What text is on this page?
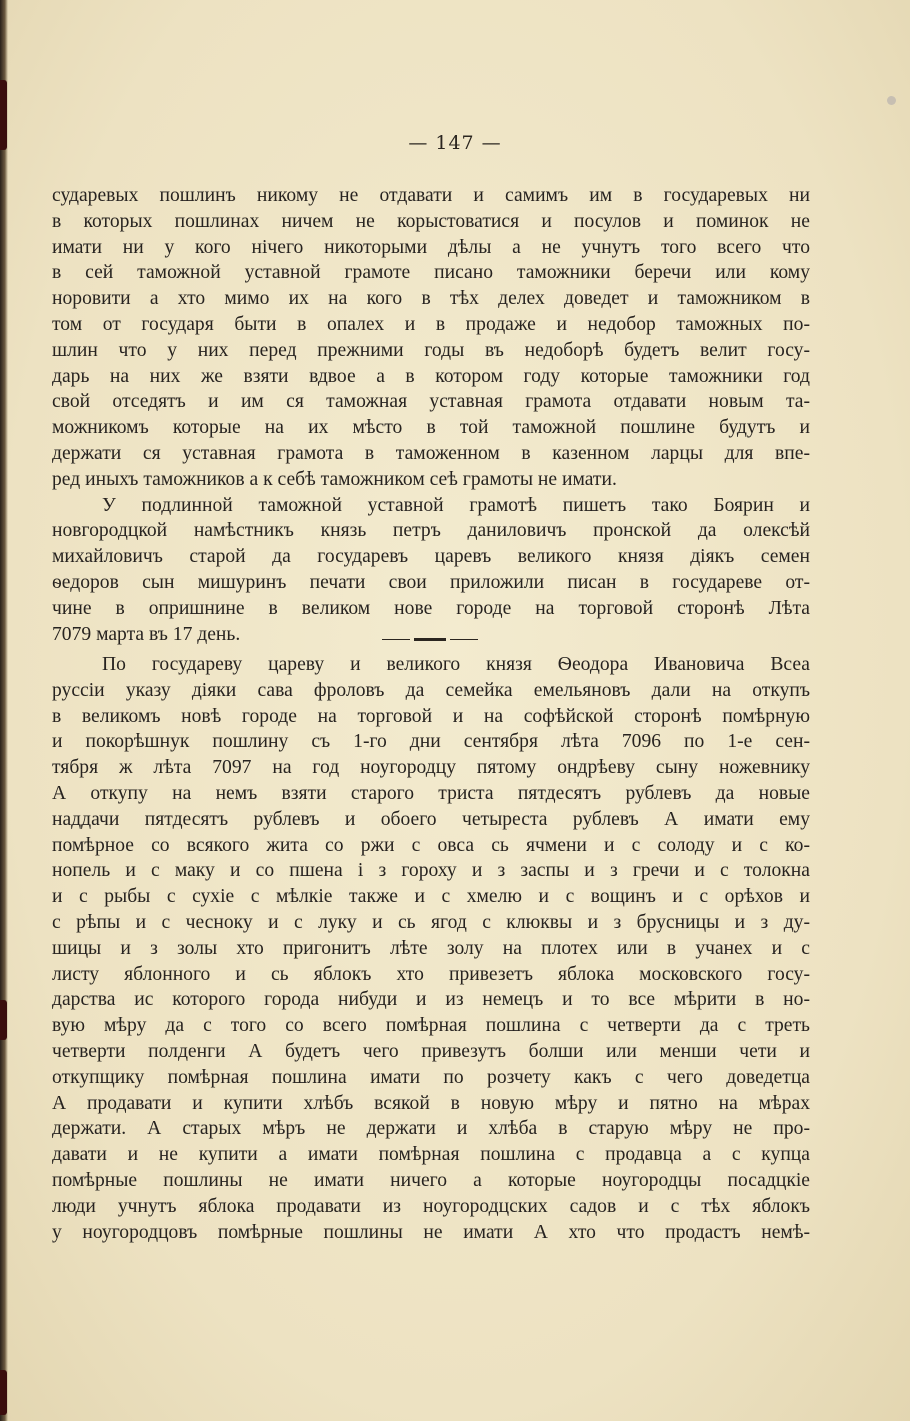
— 147 —
сударевых пошлинъ никому не отдавати и самимъ им в государевых ни
в которых пошлинах ничем не корыстоватися и посулов и поминок не
имати ни у кого нiчего никоторыми дѣлы а не учнутъ того всего что
в сей таможной уставной грамоте писано таможники беречи или кому
норовити а хто мимо их на кого в тѣх делех доведет и таможником в
том от государя быти в опалех и в продаже и недобор таможных по-
шлин что у них перед прежними годы въ недоборѣ будетъ велит госу-
дарь на них же взяти вдвое а в котором году которые таможники год
свой отседятъ и им ся таможная уставная грамота отдавати новым та-
можникомъ которые на их мѣсто в той таможной пошлине будутъ и
держати ся уставная грамота в таможенном в казенном ларцы для впе-
ред иныхъ таможников а к себѣ таможником сеѣ грамоты не имати.
У подлинной таможной уставной грамотѣ пишетъ тако Боярин и
новгородцкой намѣстникъ князь петръ даниловичъ пронской да олексѣй
михайловичъ старой да государевъ царевъ великого князя дiякъ семен
ѳедоров сын мишуринъ печати свои приложили писан в государеве от-
чине в опришнине в великом нове городе на торговой сторонѣ Лѣта
7079 марта въ 17 день.
По государеву цареву и великого князя Ѳеодора Ивановича Всеа
руссiи указу дiяки сава фроловъ да семейка емельяновъ дали на откупъ
в великомъ новѣ городе на торговой и на софѣйской сторонѣ помѣрную
и покорѣшнук пошлину съ 1-го дни сентября лѣта 7096 по 1-е сен-
тября ж лѣта 7097 на год ноугородцу пятому ондрѣеву сыну ножевнику
А откупу на немъ взяти старого триста пятдесятъ рублевъ да новые
наддачи пятдесятъ рублевъ и обоего четыреста рублевъ А имати ему
помѣрное со всякого жита со ржи с овса сь ячмени и с солоду и с ко-
нопель и с маку и со пшена i з гороху и з заспы и з гречи и с толокна
и с рыбы с сухiе с мѣлкiе также и с хмелю и с вощинъ и с орѣхов и
с рѣпы и с чесноку и с луку и сь ягод с клюквы и з брусницы и з ду-
шицы и з золы хто пригонитъ лѣте золу на плотех или в учанех и с
листу яблонного и сь яблокъ хто привезетъ яблока московского госу-
дарства ис которого города нибуди и из немецъ и то все мѣрити в но-
вую мѣру да с того со всего помѣрная пошлина с четверти да с треть
четверти полденги А будетъ чего привезутъ болши или менши чети и
откупщику помѣрная пошлина имати по розчету какъ с чего доведетца
А продавати и купити хлѣбъ всякой в новую мѣру и пятно на мѣрах
держати. А старых мѣръ не держати и хлѣба в старую мѣру не про-
давати и не купити а имати помѣрная пошлина с продавца а с купца
помѣрные пошлины не имати ничего а которые ноугородцы посадцкie
люди учнутъ яблока продавати из ноугородцских садов и с тѣх яблокъ
у ноугородцовъ помѣрные пошлины не имати А хто что продастъ немѣ-
